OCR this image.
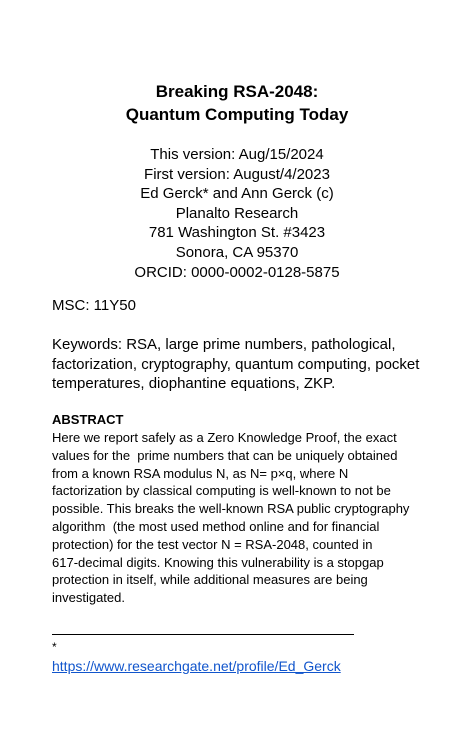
Breaking RSA-2048:
Quantum Computing Today
This version: Aug/15/2024
First version: August/4/2023
Ed Gerck* and Ann Gerck (c)
Planalto Research
781 Washington St. #3423
Sonora, CA 95370
ORCID: 0000-0002-0128-5875
MSC: 11Y50
Keywords: RSA, large prime numbers, pathological,
factorization, cryptography, quantum computing, pocket
temperatures, diophantine equations, ZKP.
ABSTRACT
Here we report safely as a Zero Knowledge Proof, the exact
values for the  prime numbers that can be uniquely obtained
from a known RSA modulus N, as N= p×q, where N
factorization by classical computing is well-known to not be
possible. This breaks the well-known RSA public cryptography
algorithm  (the most used method online and for financial
protection) for the test vector N = RSA-2048, counted in
617-decimal digits. Knowing this vulnerability is a stopgap
protection in itself, while additional measures are being
investigated.
*
https://www.researchgate.net/profile/Ed_Gerck
